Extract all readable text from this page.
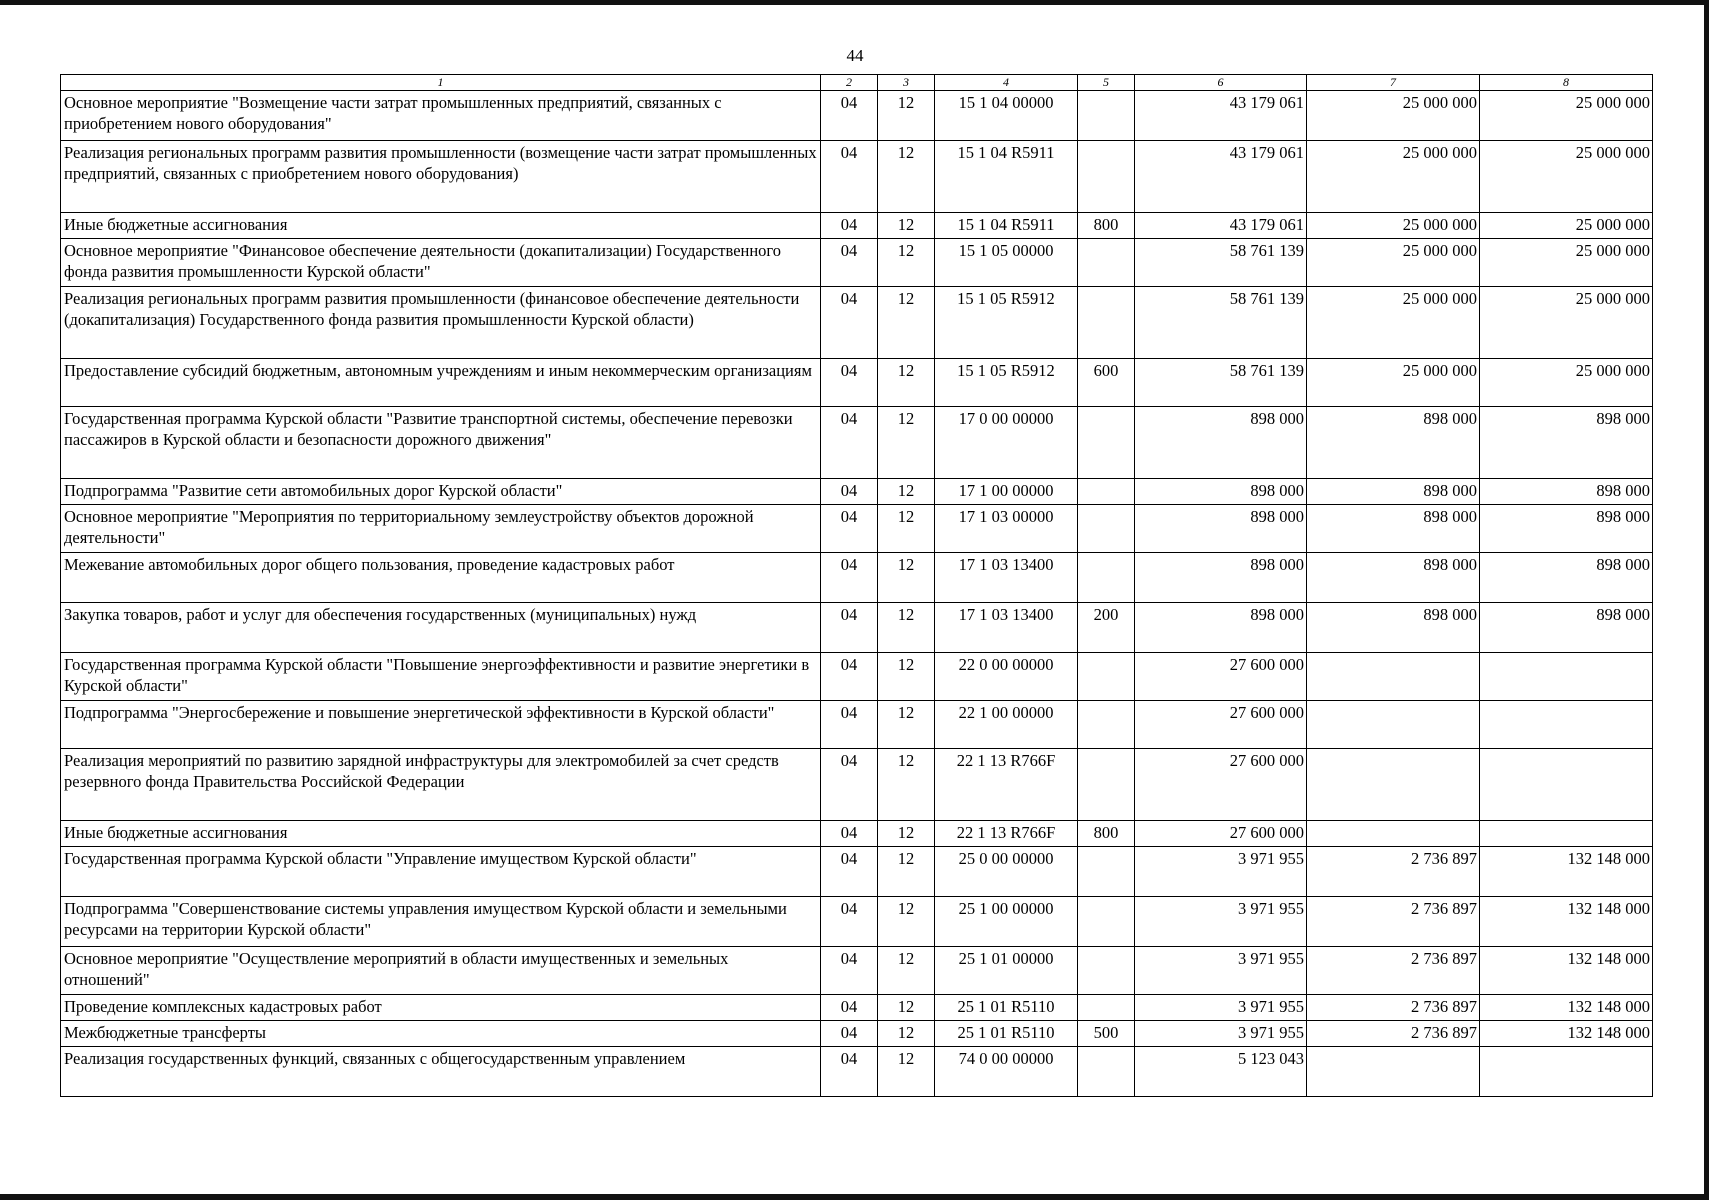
44
1	2	3	4	5	6	7	8
Основное мероприятие "Возмещение части затрат промышленных предприятий, связанных с приобретением нового оборудования"	04	12	15 1 04 00000		43 179 061	25 000 000	25 000 000
Реализация региональных программ развития промышленности (возмещение части затрат промышленных предприятий, связанных с приобретением нового оборудования)	04	12	15 1 04 R5911		43 179 061	25 000 000	25 000 000
Иные бюджетные ассигнования	04	12	15 1 04 R5911	800	43 179 061	25 000 000	25 000 000
Основное мероприятие "Финансовое обеспечение деятельности (докапитализации) Государственного фонда развития промышленности Курской области"	04	12	15 1 05 00000		58 761 139	25 000 000	25 000 000
Реализация региональных программ развития промышленности (финансовое обеспечение деятельности (докапитализация) Государственного фонда развития промышленности Курской области)	04	12	15 1 05 R5912		58 761 139	25 000 000	25 000 000
Предоставление субсидий бюджетным, автономным учреждениям и иным некоммерческим организациям	04	12	15 1 05 R5912	600	58 761 139	25 000 000	25 000 000
Государственная программа Курской области "Развитие транспортной системы, обеспечение перевозки пассажиров в Курской области и безопасности дорожного движения"	04	12	17 0 00 00000		898 000	898 000	898 000
Подпрограмма "Развитие сети автомобильных дорог Курской области"	04	12	17 1 00 00000		898 000	898 000	898 000
Основное мероприятие "Мероприятия по территориальному землеустройству объектов дорожной деятельности"	04	12	17 1 03 00000		898 000	898 000	898 000
Межевание автомобильных дорог общего пользования, проведение кадастровых работ	04	12	17 1 03 13400		898 000	898 000	898 000
Закупка товаров, работ и услуг для обеспечения государственных (муниципальных) нужд	04	12	17 1 03 13400	200	898 000	898 000	898 000
Государственная программа Курской области "Повышение энергоэффективности и развитие энергетики в Курской области"	04	12	22 0 00 00000		27 600 000		
Подпрограмма "Энергосбережение и повышение энергетической эффективности в Курской области"	04	12	22 1 00 00000		27 600 000		
Реализация мероприятий по развитию зарядной инфраструктуры для электромобилей за счет средств резервного фонда Правительства Российской Федерации	04	12	22 1 13 R766F		27 600 000		
Иные бюджетные ассигнования	04	12	22 1 13 R766F	800	27 600 000		
Государственная программа Курской области "Управление имуществом Курской области"	04	12	25 0 00 00000		3 971 955	2 736 897	132 148 000
Подпрограмма "Совершенствование системы управления имуществом Курской области и земельными ресурсами на территории Курской области"	04	12	25 1 00 00000		3 971 955	2 736 897	132 148 000
Основное мероприятие "Осуществление мероприятий в области имущественных и земельных отношений"	04	12	25 1 01 00000		3 971 955	2 736 897	132 148 000
Проведение комплексных кадастровых работ	04	12	25 1 01 R5110		3 971 955	2 736 897	132 148 000
Межбюджетные трансферты	04	12	25 1 01 R5110	500	3 971 955	2 736 897	132 148 000
Реализация государственных функций, связанных с общегосударственным управлением	04	12	74 0 00 00000		5 123 043		
